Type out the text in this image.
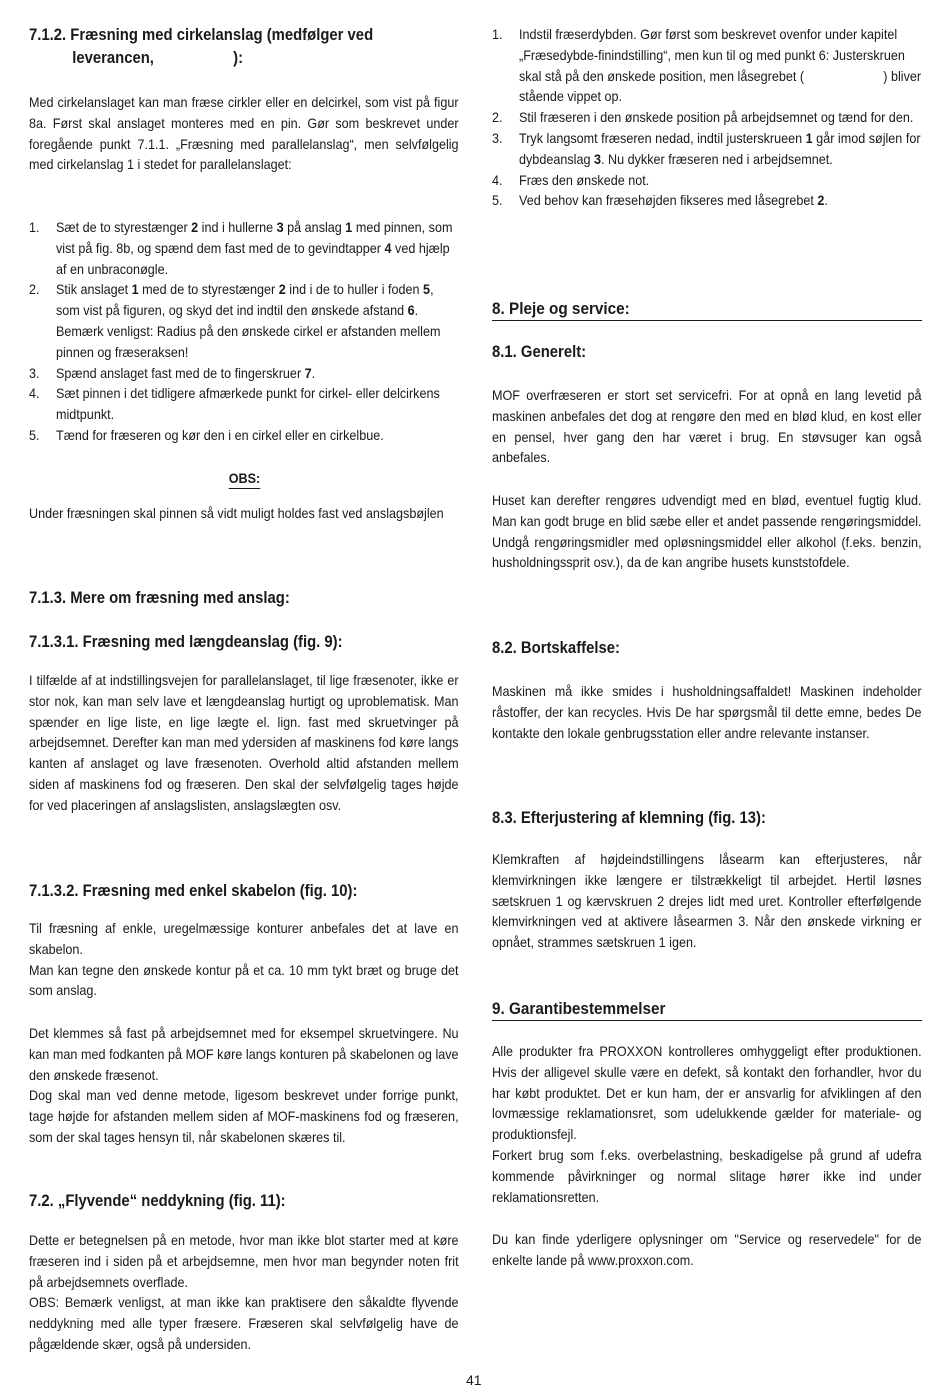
7.1.2. Fræsning med cirkelanslag (medfølger ved
leverancen,	):
Med cirkelanslaget kan man fræse cirkler eller en delcirkel, som vist på figur 8a. Først skal anslaget monteres med en pin. Gør som beskrevet under foregående punkt 7.1.1. „Fræsning med parallelanslag“, men selvfølgelig med cirkelanslag 1 i stedet for parallelanslaget:
1. Sæt de to styrestænger 2 ind i hullerne 3 på anslag 1 med pinnen, som vist på fig. 8b, og spænd dem fast med de to gevindtapper 4 ved hjælp af en unbraconøgle.
2. Stik anslaget 1 med de to styrestænger 2 ind i de to huller i foden 5, som vist på figuren, og skyd det ind indtil den ønskede afstand 6. Bemærk venligst: Radius på den ønskede cirkel er afstanden mellem pinnen og fræseraksen!
3. Spænd anslaget fast med de to fingerskruer 7.
4. Sæt pinnen i det tidligere afmærkede punkt for cirkel- eller delcirkens midtpunkt.
5. Tænd for fræseren og kør den i en cirkel eller en cirkelbue.
OBS:
Under fræsningen skal pinnen så vidt muligt holdes fast ved anslagsbøjlen
7.1.3. Mere om fræsning med anslag:
7.1.3.1. Fræsning med længdeanslag (fig. 9):
I tilfælde af at indstillingsvejen for parallelanslaget, til lige fræsenoter, ikke er stor nok, kan man selv lave et længdeanslag hurtigt og uproblematisk. Man spænder en lige liste, en lige lægte el. lign. fast med skruetvinger på arbejdsemnet. Derefter kan man med ydersiden af maskinens fod køre langs kanten af anslaget og lave fræsenoten. Overhold altid afstanden mellem siden af maskinens fod og fræseren. Den skal der selvfølgelig tages højde for ved placeringen af anslagslisten, anslagslægten osv.
7.1.3.2. Fræsning med enkel skabelon (fig. 10):
Til fræsning af enkle, uregelmæssige konturer anbefales det at lave en skabelon.
Man kan tegne den ønskede kontur på et ca. 10 mm tykt bræt og bruge det som anslag.
Det klemmes så fast på arbejdsemnet med for eksempel skruetvingere. Nu kan man med fodkanten på MOF køre langs konturen på skabelonen og lave den ønskede fræsenot.
Dog skal man ved denne metode, ligesom beskrevet under forrige punkt, tage højde for afstanden mellem siden af MOF-maskinens fod og fræseren, som der skal tages hensyn til, når skabelonen skæres til.
7.2. „Flyvende“ neddykning (fig. 11):
Dette er betegnelsen på en metode, hvor man ikke blot starter med at køre fræseren ind i siden på et arbejdsemne, men hvor man begynder noten frit på arbejdsemnets overflade.
OBS: Bemærk venligst, at man ikke kan praktisere den såkaldte flyvende neddykning med alle typer fræsere. Fræseren skal selvfølgelig have de pågældende skær, også på undersiden.
1. Indstil fræserdybden. Gør først som beskrevet ovenfor under kapitel „Fræsedybde-finindstilling“, men kun til og med punkt 6: Justerskruen skal stå på den ønskede position, men låsegrebet (	) bliver stående vippet op.
2. Stil fræseren i den ønskede position på arbejdsemnet og tænd for den.
3. Tryk langsomt fræseren nedad, indtil justerskrueen 1 går imod søjlen for dybdeanslag 3. Nu dykker fræseren ned i arbejdsemnet.
4. Fræs den ønskede not.
5. Ved behov kan fræsehøjden fikseres med låsegrebet 2.
8. Pleje og service:
8.1. Generelt:
MOF overfræseren er stort set servicefri. For at opnå en lang levetid på maskinen anbefales det dog at rengøre den med en blød klud, en kost eller en pensel, hver gang den har været i brug. En støvsuger kan også anbefales.
Huset kan derefter rengøres udvendigt med en blød, eventuel fugtig klud. Man kan godt bruge en blid sæbe eller et andet passende rengøringsmiddel. Undgå rengøringsmidler med opløsningsmiddel eller alkohol (f.eks. benzin, husholdningssprit osv.), da de kan angribe husets kunststofdele.
8.2. Bortskaffelse:
Maskinen må ikke smides i husholdningsaffaldet! Maskinen indeholder råstoffer, der kan recycles. Hvis De har spørgsmål til dette emne, bedes De kontakte den lokale genbrugsstation eller andre relevante instanser.
8.3. Efterjustering af klemning (fig. 13):
Klemkraften af højdeindstillingens låsearm kan efterjusteres, når klemvirkningen ikke længere er tilstrækkeligt til arbejdet. Hertil løsnes sætskruen 1 og kærvskruen 2 drejes lidt med uret. Kontroller efterfølgende klemvirkningen ved at aktivere låsearmen 3. Når den ønskede virkning er opnået, strammes sætskruen 1 igen.
9. Garantibestemmelser
Alle produkter fra PROXXON kontrolleres omhyggeligt efter produktionen. Hvis der alligevel skulle være en defekt, så kontakt den forhandler, hvor du har købt produktet. Det er kun ham, der er ansvarlig for afviklingen af den lovmæssige reklamationsret, som udelukkende gælder for materiale- og produktionsfejl.
Forkert brug som f.eks. overbelastning, beskadigelse på grund af udefra kommende påvirkninger og normal slitage hører ikke ind under reklamationsretten.
Du kan finde yderligere oplysninger om "Service og reservedele" for de enkelte lande på www.proxxon.com.
41
